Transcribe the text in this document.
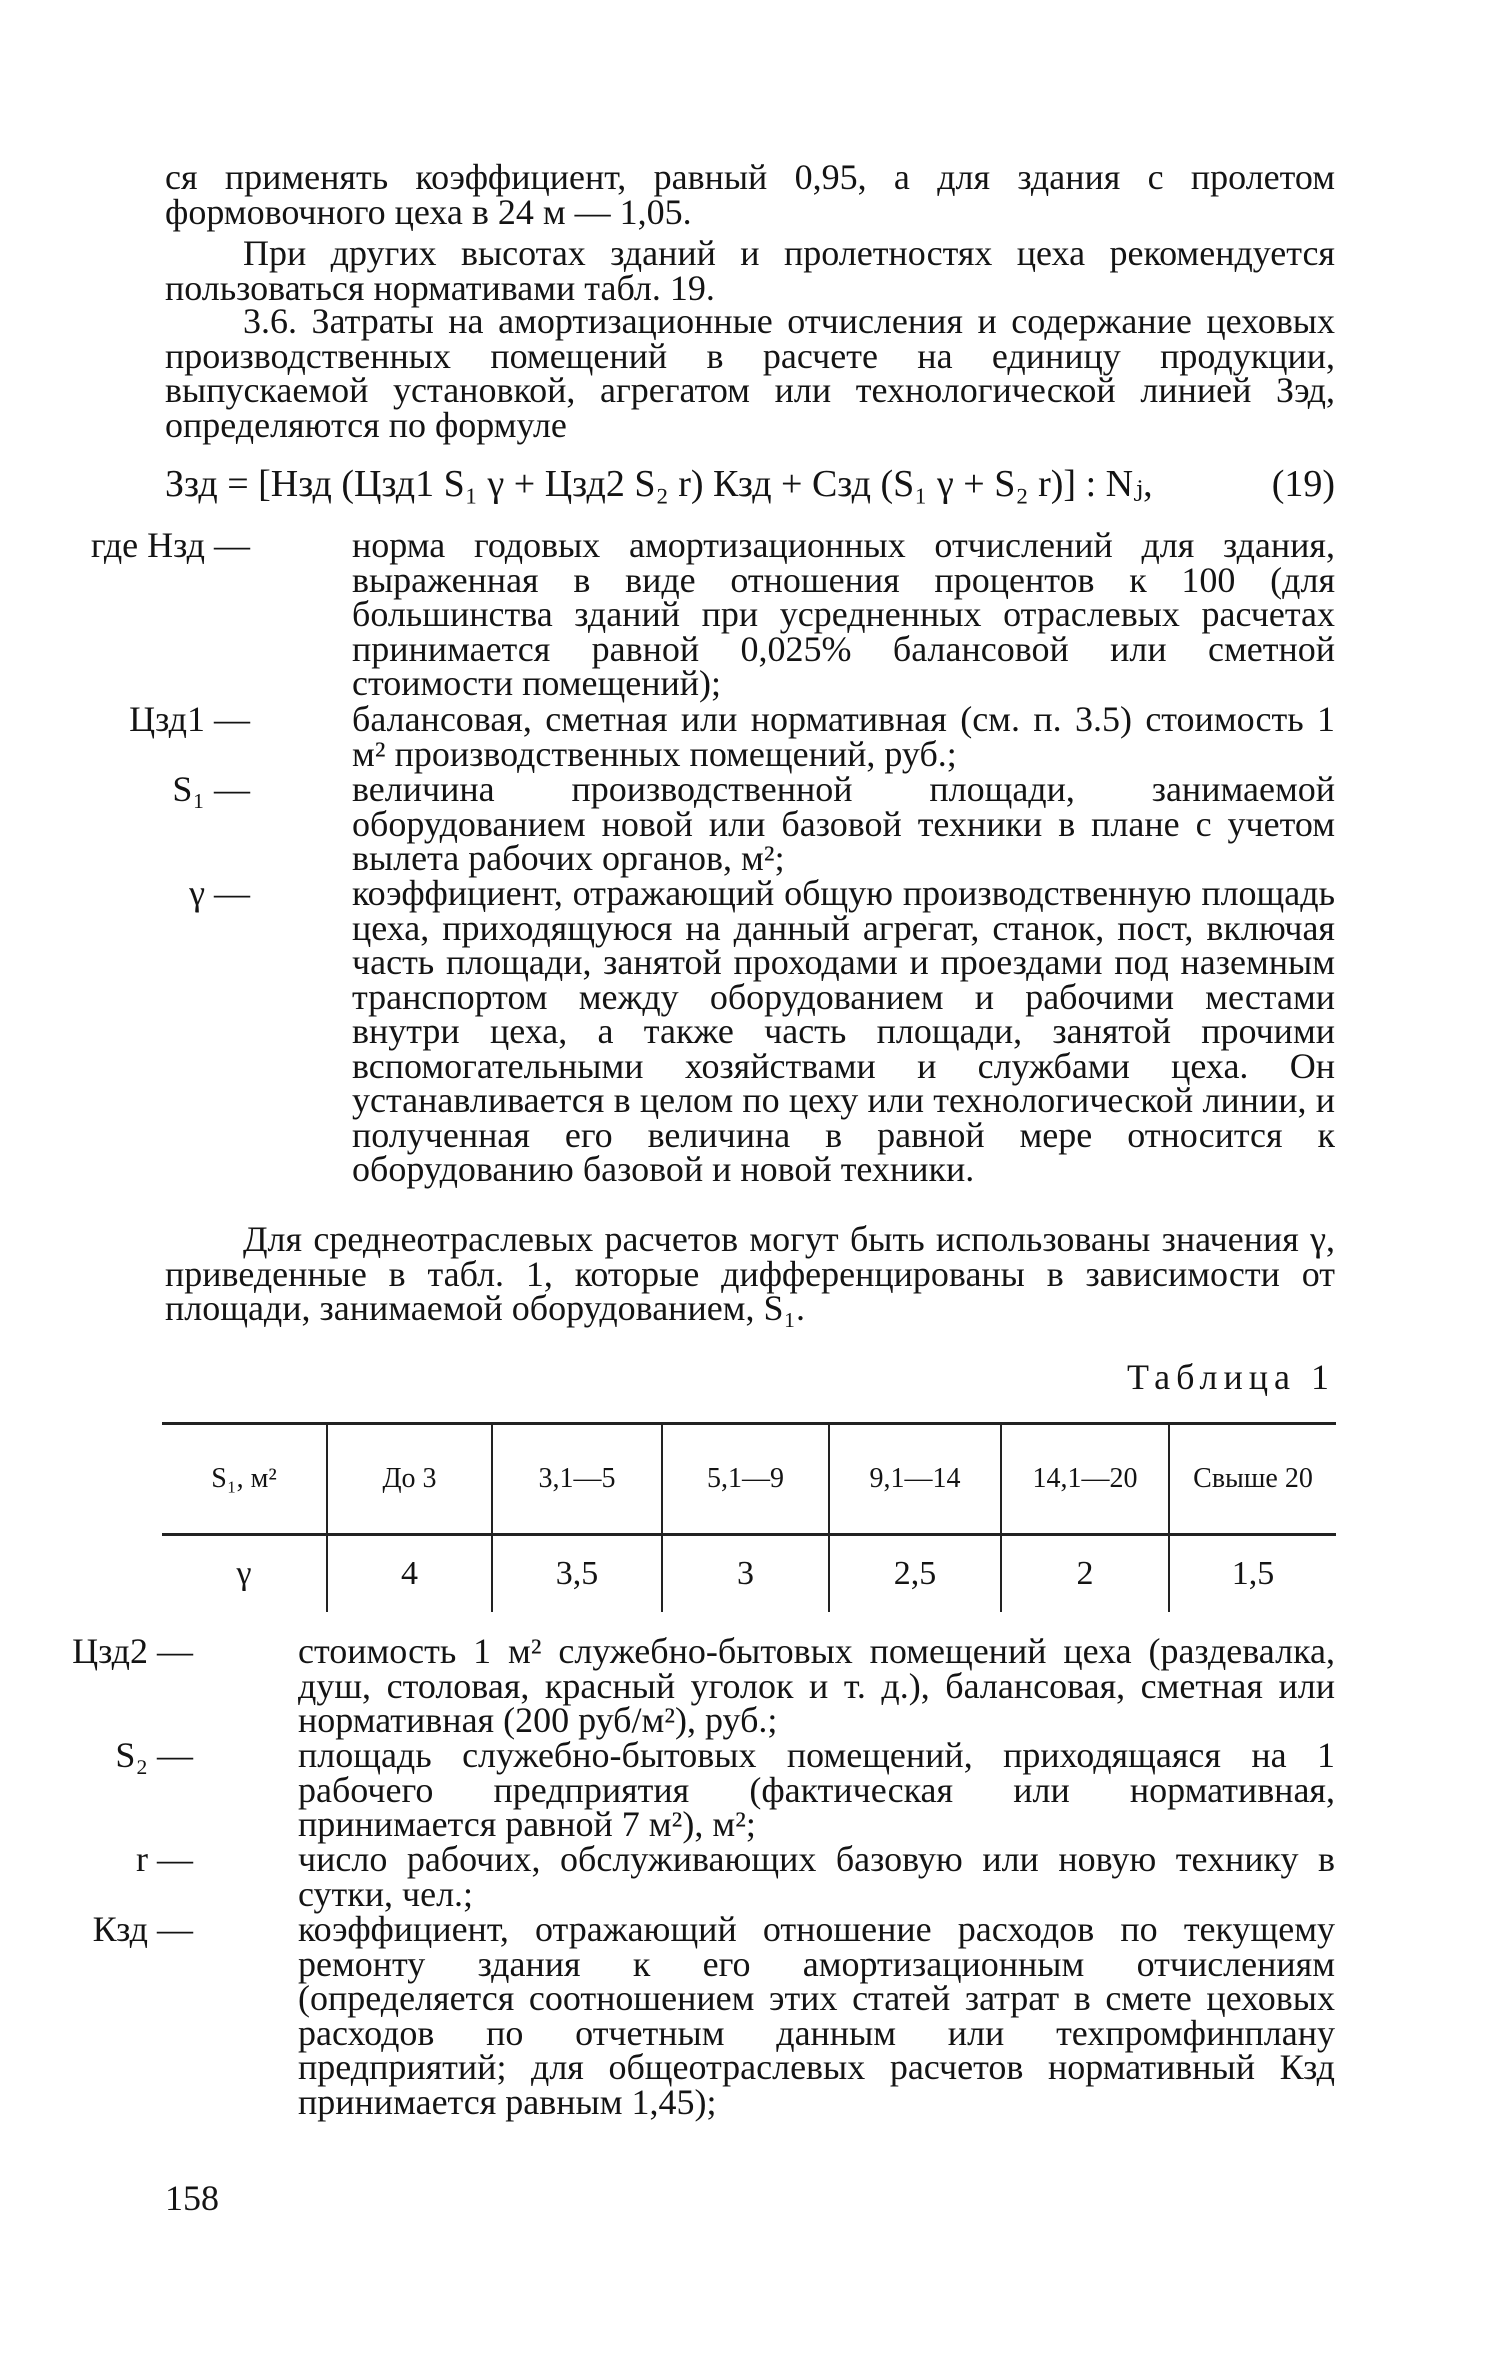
ся применять коэффициент, равный 0,95, а для здания с пролетом формовочного цеха в 24 м — 1,05.

При других высотах зданий и пролетностях цеха рекомендуется пользоваться нормативами табл. 19.

3.6. Затраты на амортизационные отчисления и содержание цеховых производственных помещений в расчете на единицу продукции, выпускаемой установкой, агрегатом или технологической линией Зэд, определяются по формуле

Ззд = [Нзд (Цзд1 S₁ γ + Цзд2 S₂ r) Кзд + Сзд (S₁ γ + S₂ r)] : Nⱼ,	(19)
где Нзд —	норма годовых амортизационных отчислений для здания, выраженная в виде отношения процентов к 100 (для большинства зданий при усредненных отраслевых расчетах принимается равной 0,025% балансовой или сметной стоимости помещений);

Цзд1 —	балансовая, сметная или нормативная (см. п. 3.5) стоимость 1 м² производственных помещений, руб.;

S₁ —	величина производственной площади, занимаемой оборудованием новой или базовой техники в плане с учетом вылета рабочих органов, м²;

γ —	коэффициент, отражающий общую производственную площадь цеха, приходящуюся на данный агрегат, станок, пост, включая часть площади, занятой проходами и проездами под наземным транспортом между оборудованием и рабочими местами внутри цеха, а также часть площади, занятой прочими вспомогательными хозяйствами и службами цеха. Он устанавливается в целом по цеху или технологической линии, и полученная его величина в равной мере относится к оборудованию базовой и новой техники.

Для среднеотраслевых расчетов могут быть использованы значения γ, приведенные в табл. 1, которые дифференцированы в зависимости от площади, занимаемой оборудованием, S₁.

Таблица 1
S₁, м²	До 3	3,1—5	5,1—9	9,1—14	14,1—20	Свыше 20
γ	4	3,5	3	2,5	2	1,5
Цзд2 —	стоимость 1 м² служебно-бытовых помещений цеха (раздевалка, душ, столовая, красный уголок и т. д.), балансовая, сметная или нормативная (200 руб/м²), руб.;

S₂ —	площадь служебно-бытовых помещений, приходящаяся на 1 рабочего предприятия (фактическая или нормативная, принимается равной 7 м²), м²;

r —	число рабочих, обслуживающих базовую или новую технику в сутки, чел.;

Кзд —	коэффициент, отражающий отношение расходов по текущему ремонту здания к его амортизационным отчислениям (определяется соотношением этих статей затрат в смете цеховых расходов по отчетным данным или техпромфинплану предприятий; для общеотраслевых расчетов нормативный Кзд принимается равным 1,45);

158
